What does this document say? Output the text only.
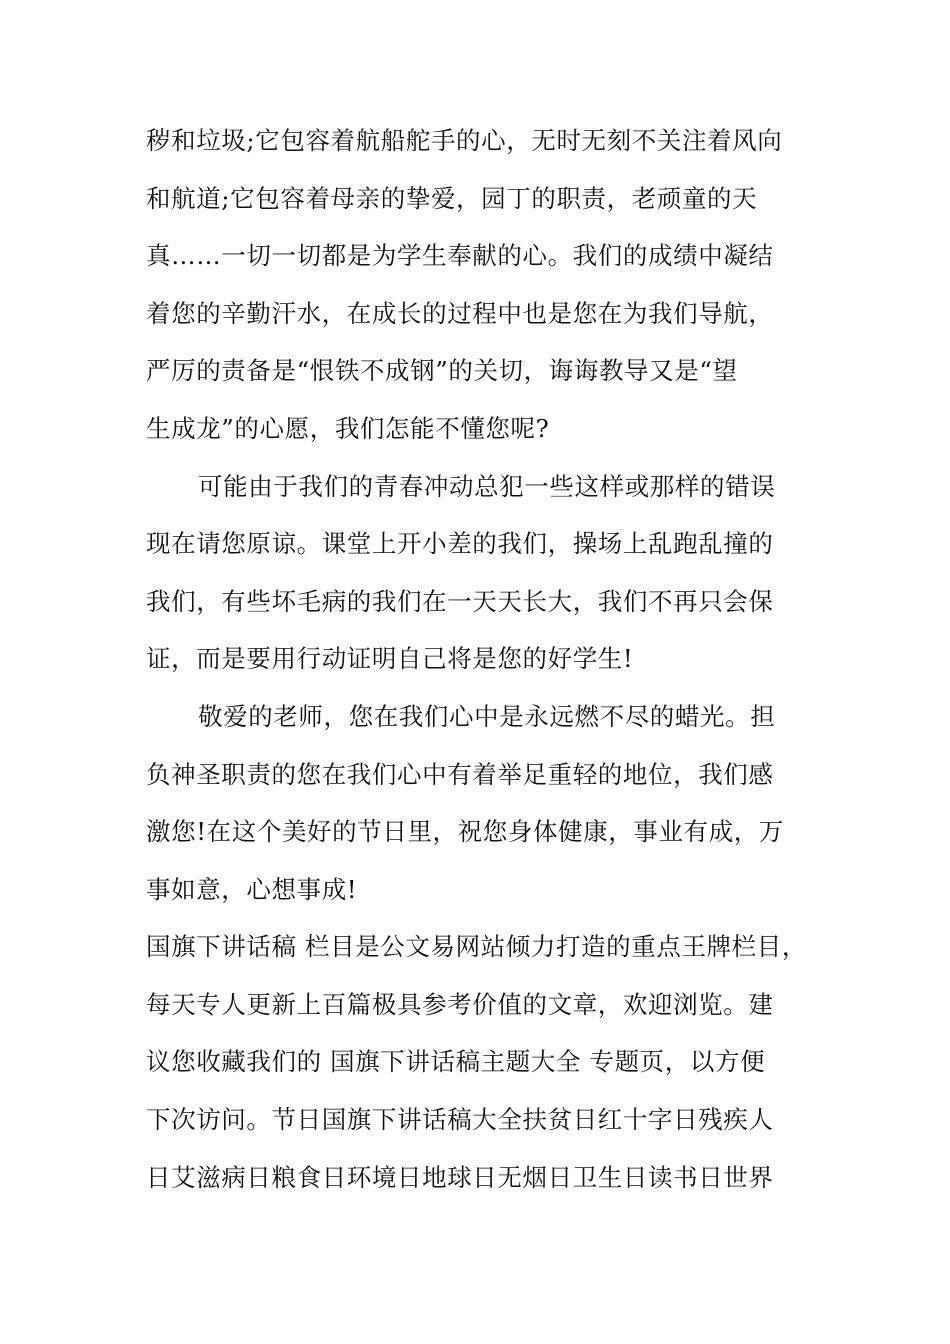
秽和垃圾;它包容着航船舵手的心，无时无刻不关注着风向
和航道;它包容着母亲的挚爱，园丁的职责，老顽童的天
真……一切一切都是为学生奉献的心。我们的成绩中凝结
着您的辛勤汗水，在成长的过程中也是您在为我们导航，
严厉的责备是“恨铁不成钢”的关切，诲诲教导又是“望
生成龙”的心愿，我们怎能不懂您呢?
可能由于我们的青春冲动总犯一些这样或那样的错误
现在请您原谅。课堂上开小差的我们，操场上乱跑乱撞的
我们，有些坏毛病的我们在一天天长大，我们不再只会保
证，而是要用行动证明自己将是您的好学生!
敬爱的老师，您在我们心中是永远燃不尽的蜡光。担
负神圣职责的您在我们心中有着举足重轻的地位，我们感
激您!在这个美好的节日里，祝您身体健康，事业有成，万
事如意，心想事成!
国旗下讲话稿 栏目是公文易网站倾力打造的重点王牌栏目，
每天专人更新上百篇极具参考价值的文章，欢迎浏览。建
议您收藏我们的 国旗下讲话稿主题大全 专题页，以方便
下次访问。节日国旗下讲话稿大全扶贫日红十字日残疾人
日艾滋病日粮食日环境日地球日无烟日卫生日读书日世界
